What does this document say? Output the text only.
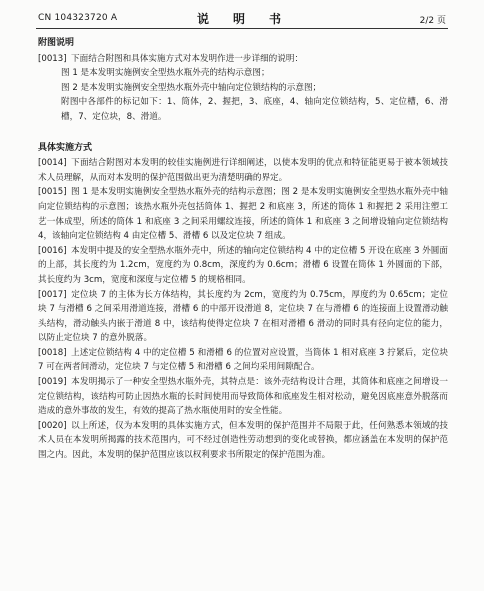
CN 104323720 A	说　明　书	2/2 页
附图说明
[0013] 下面结合附图和具体实施方式对本发明作进一步详细的说明：
图 1 是本发明实施例安全型热水瓶外壳的结构示意图；
图 2 是本发明实施例安全型热水瓶外壳中轴向定位锁结构的示意图；
附图中各部件的标记如下：1、筒体，2、握把，3、底座，4、轴向定位锁结构，5、定位槽，6、滑槽，7、定位块，8、滑道。
具体实施方式
[0014] 下面结合附图对本发明的较佳实施例进行详细阐述，以使本发明的优点和特征能更易于被本领域技术人员理解，从而对本发明的保护范围做出更为清楚明确的界定。
[0015] 图 1 是本发明实施例安全型热水瓶外壳的结构示意图；图 2 是本发明实施例安全型热水瓶外壳中轴向定位锁结构的示意图；该热水瓶外壳包括筒体 1、握把 2 和底座 3，所述的筒体 1 和握把 2 采用注塑工艺一体成型，所述的筒体 1 和底座 3 之间采用螺纹连接，所述的筒体 1 和底座 3 之间增设轴向定位锁结构 4，该轴向定位锁结构 4 由定位槽 5、滑槽 6 以及定位块 7 组成。
[0016] 本发明中提及的安全型热水瓶外壳中，所述的轴向定位锁结构 4 中的定位槽 5 开设在底座 3 外圆面的上部，其长度约为 1.2cm，宽度约为 0.8cm，深度约为 0.6cm；滑槽 6 设置在筒体 1 外圆面的下部，其长度约为 3cm，宽度和深度与定位槽 5 的规格相同。
[0017] 定位块 7 的主体为长方体结构，其长度约为 2cm，宽度约为 0.75cm，厚度约为 0.65cm；定位块 7 与滑槽 6 之间采用滑道连接，滑槽 6 的中部开设滑道 8，定位块 7 在与滑槽 6 的连接面上设置滑动触头结构，滑动触头内嵌于滑道 8 中，该结构使得定位块 7 在相对滑槽 6 滑动的同时具有径向定位的能力，以防止定位块 7 的意外脱落。
[0018] 上述定位锁结构 4 中的定位槽 5 和滑槽 6 的位置对应设置，当筒体 1 相对底座 3 拧紧后，定位块 7 可在两者间滑动，定位块 7 与定位槽 5 和滑槽 6 之间均采用间隙配合。
[0019] 本发明揭示了一种安全型热水瓶外壳，其特点是：该外壳结构设计合理，其筒体和底座之间增设一定位锁结构，该结构可防止因热水瓶的长时间使用而导致筒体和底座发生相对松动，避免因底座意外脱落而造成的意外事故的发生，有效的提高了热水瓶使用时的安全性能。
[0020] 以上所述，仅为本发明的具体实施方式，但本发明的保护范围并不局限于此，任何熟悉本领域的技术人员在本发明所揭露的技术范围内，可不经过创造性劳动想到的变化或替换，都应涵盖在本发明的保护范围之内。因此，本发明的保护范围应该以权利要求书所限定的保护范围为准。
